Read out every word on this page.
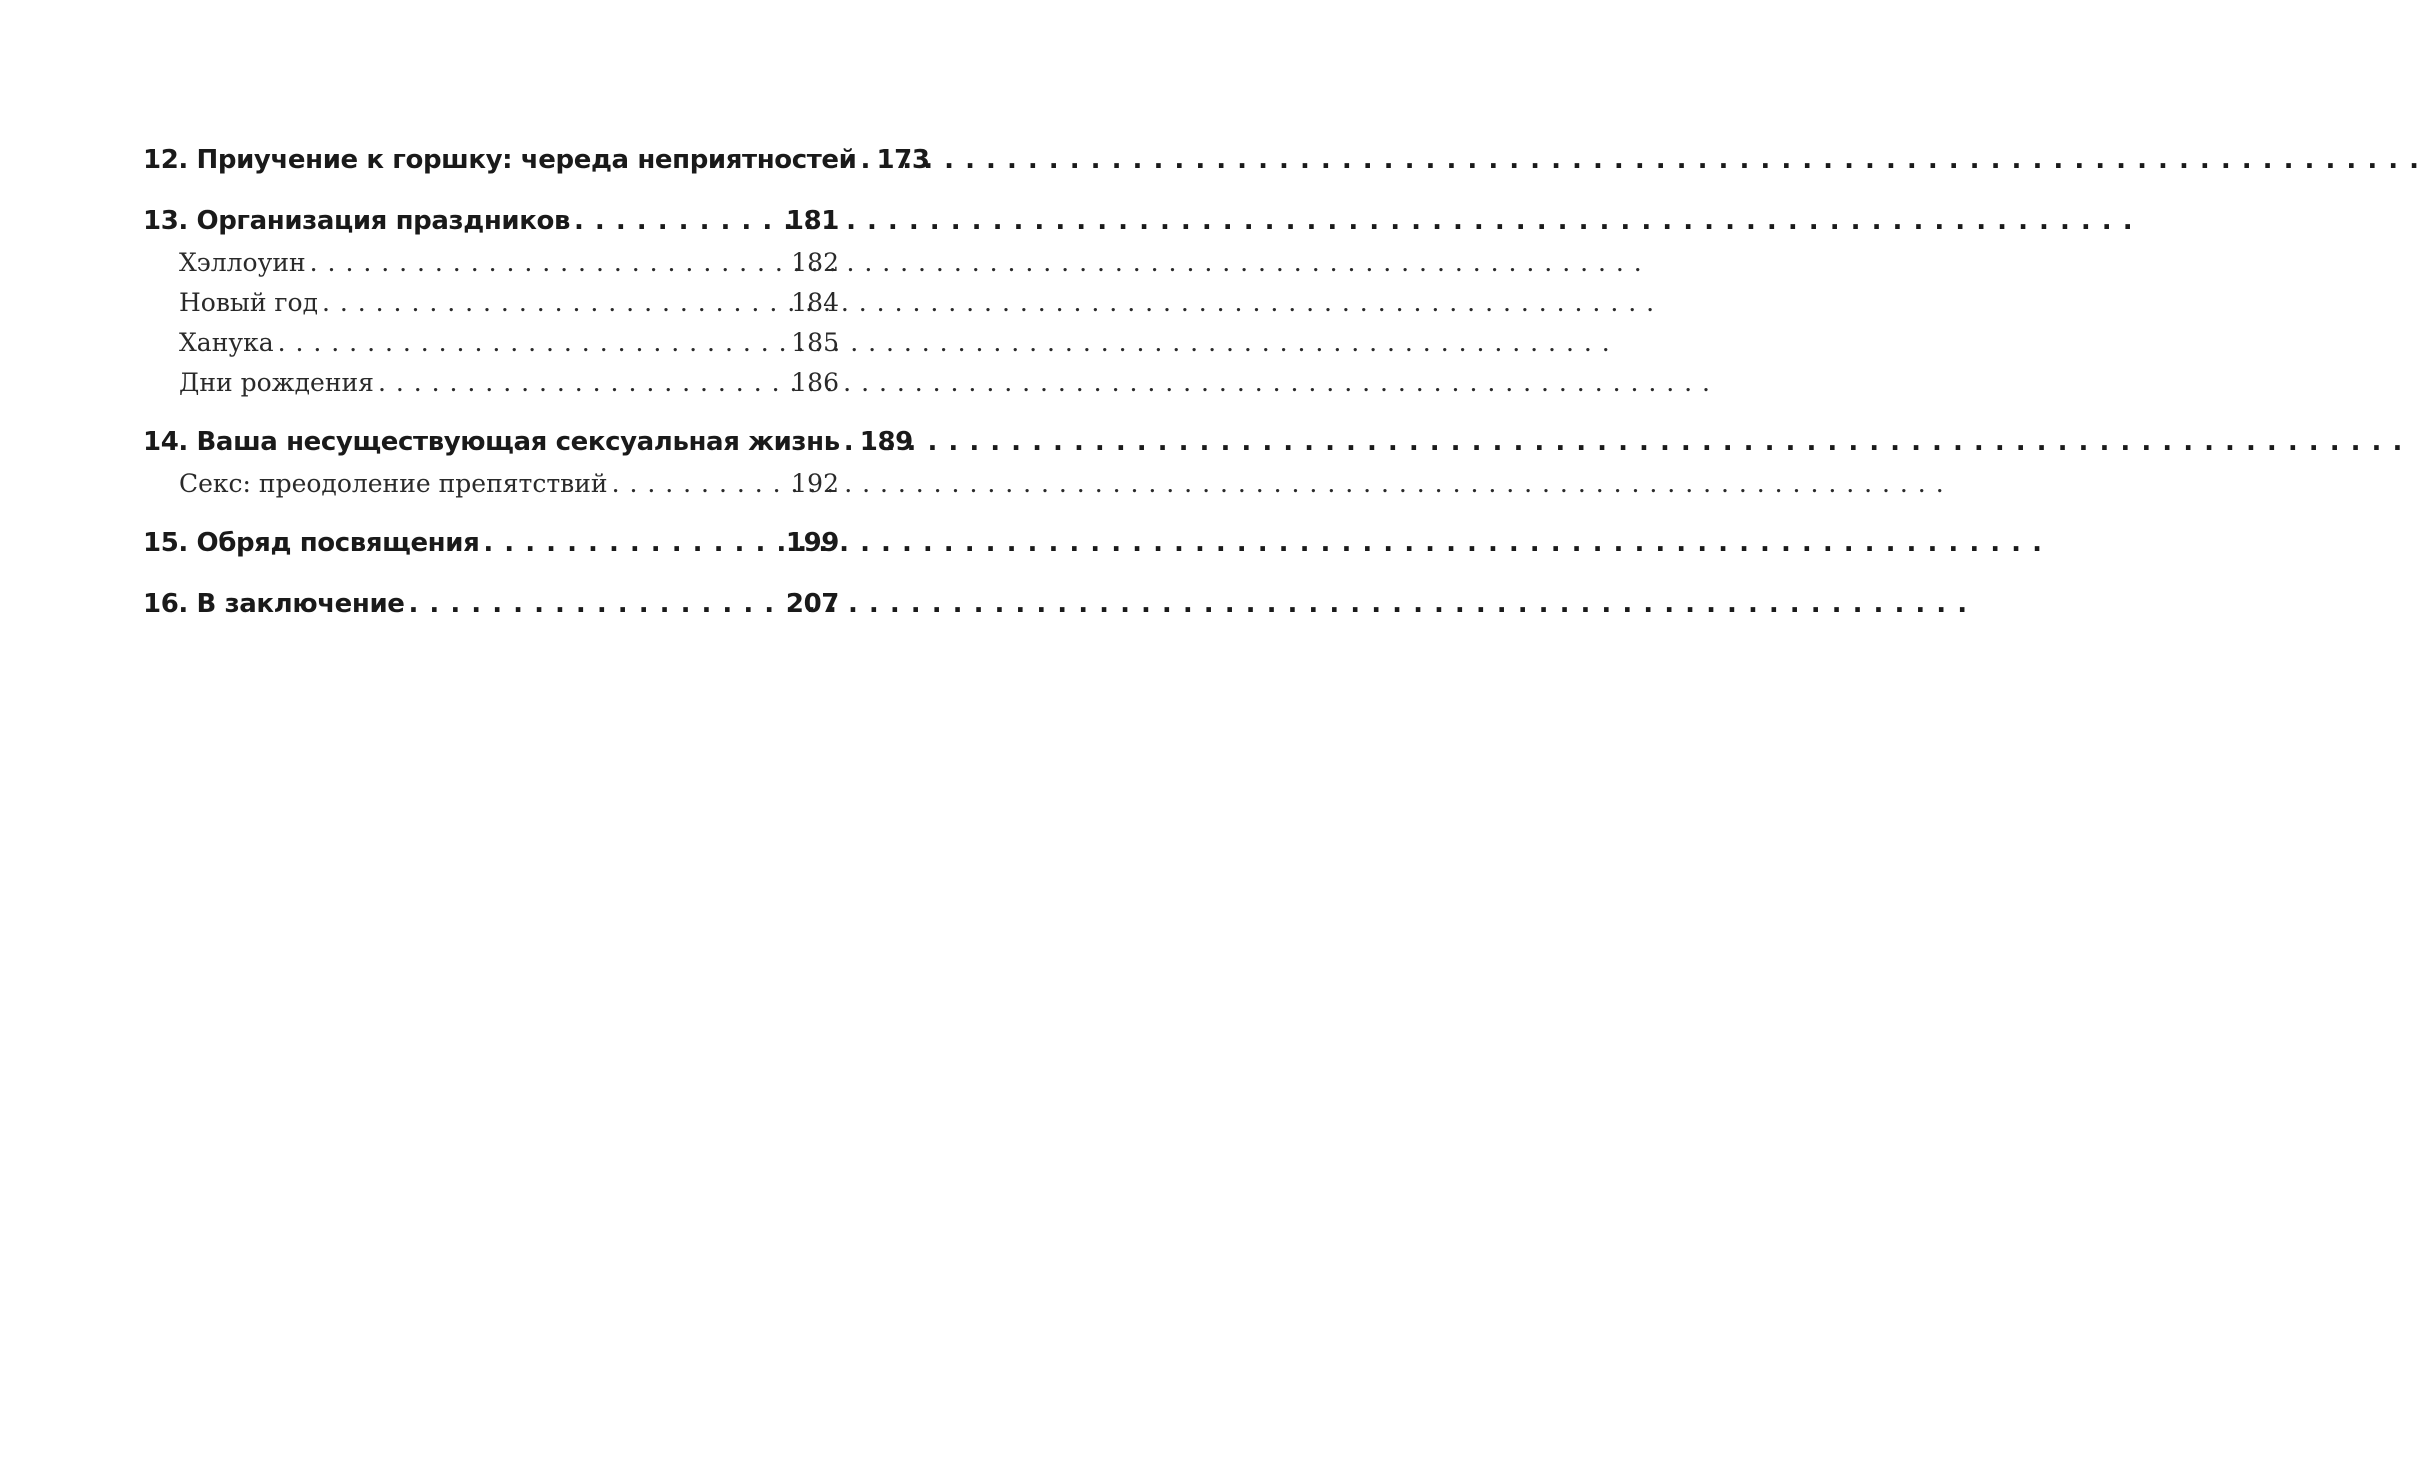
12. Приучение к горшку: череда неприятностей . . . 173
13. Организация праздников . . .	181
Хэллоуин . . .	182
Новый год . . .	184
Ханука . . .	185
Дни рождения . . .	186
14. Ваша несуществующая сексуальная жизнь . . . 189
Секс: преодоление препятствий . . .	192
15. Обряд посвящения . . .	199
16. В заключение . . .	207
